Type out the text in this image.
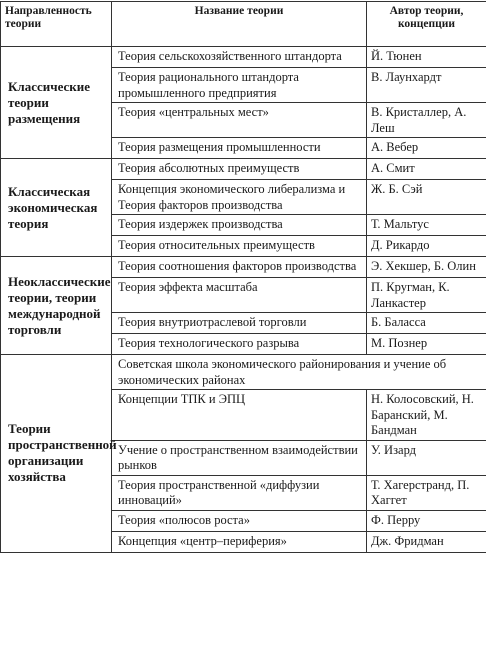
Направленность теории	Название теории	Автор теории, концепции
Классические теории размещения	Теория сельскохозяйственного штандорта	Й. Тюнен
	Теория рационального штандорта промышленного предприятия	В. Лаунхардт
	Теория «центральных мест»	В. Кристаллер, А. Леш
	Теория размещения промышленности	А. Вебер
Классическая экономическая теория	Теория абсолютных преимуществ	А. Смит
	Концепция экономического либерализма и Теория факторов производства	Ж. Б. Сэй
	Теория издержек производства	Т. Мальтус
	Теория относительных преимуществ	Д. Рикардо
Неоклассические теории, теории международной торговли	Теория соотношения факторов производства	Э. Хекшер, Б. Олин
	Теория эффекта масштаба	П. Кругман, К. Ланкастер
	Теория внутриотраслевой торговли	Б. Баласса
	Теория технологического разрыва	М. Познер
Теории пространственной организации хозяйства	Советская школа экономического районирования и учение об экономических районах	
	Концепции ТПК и ЭПЦ	Н. Колосовский, Н. Баранский, М. Бандман
	Учение о пространственном взаимодействии рынков	У. Изард
	Теория пространственной «диффузии инноваций»	Т. Хагерстранд, П. Хаггет
	Теория «полюсов роста»	Ф. Перру
	Концепция «центр–периферия»	Дж. Фридман
